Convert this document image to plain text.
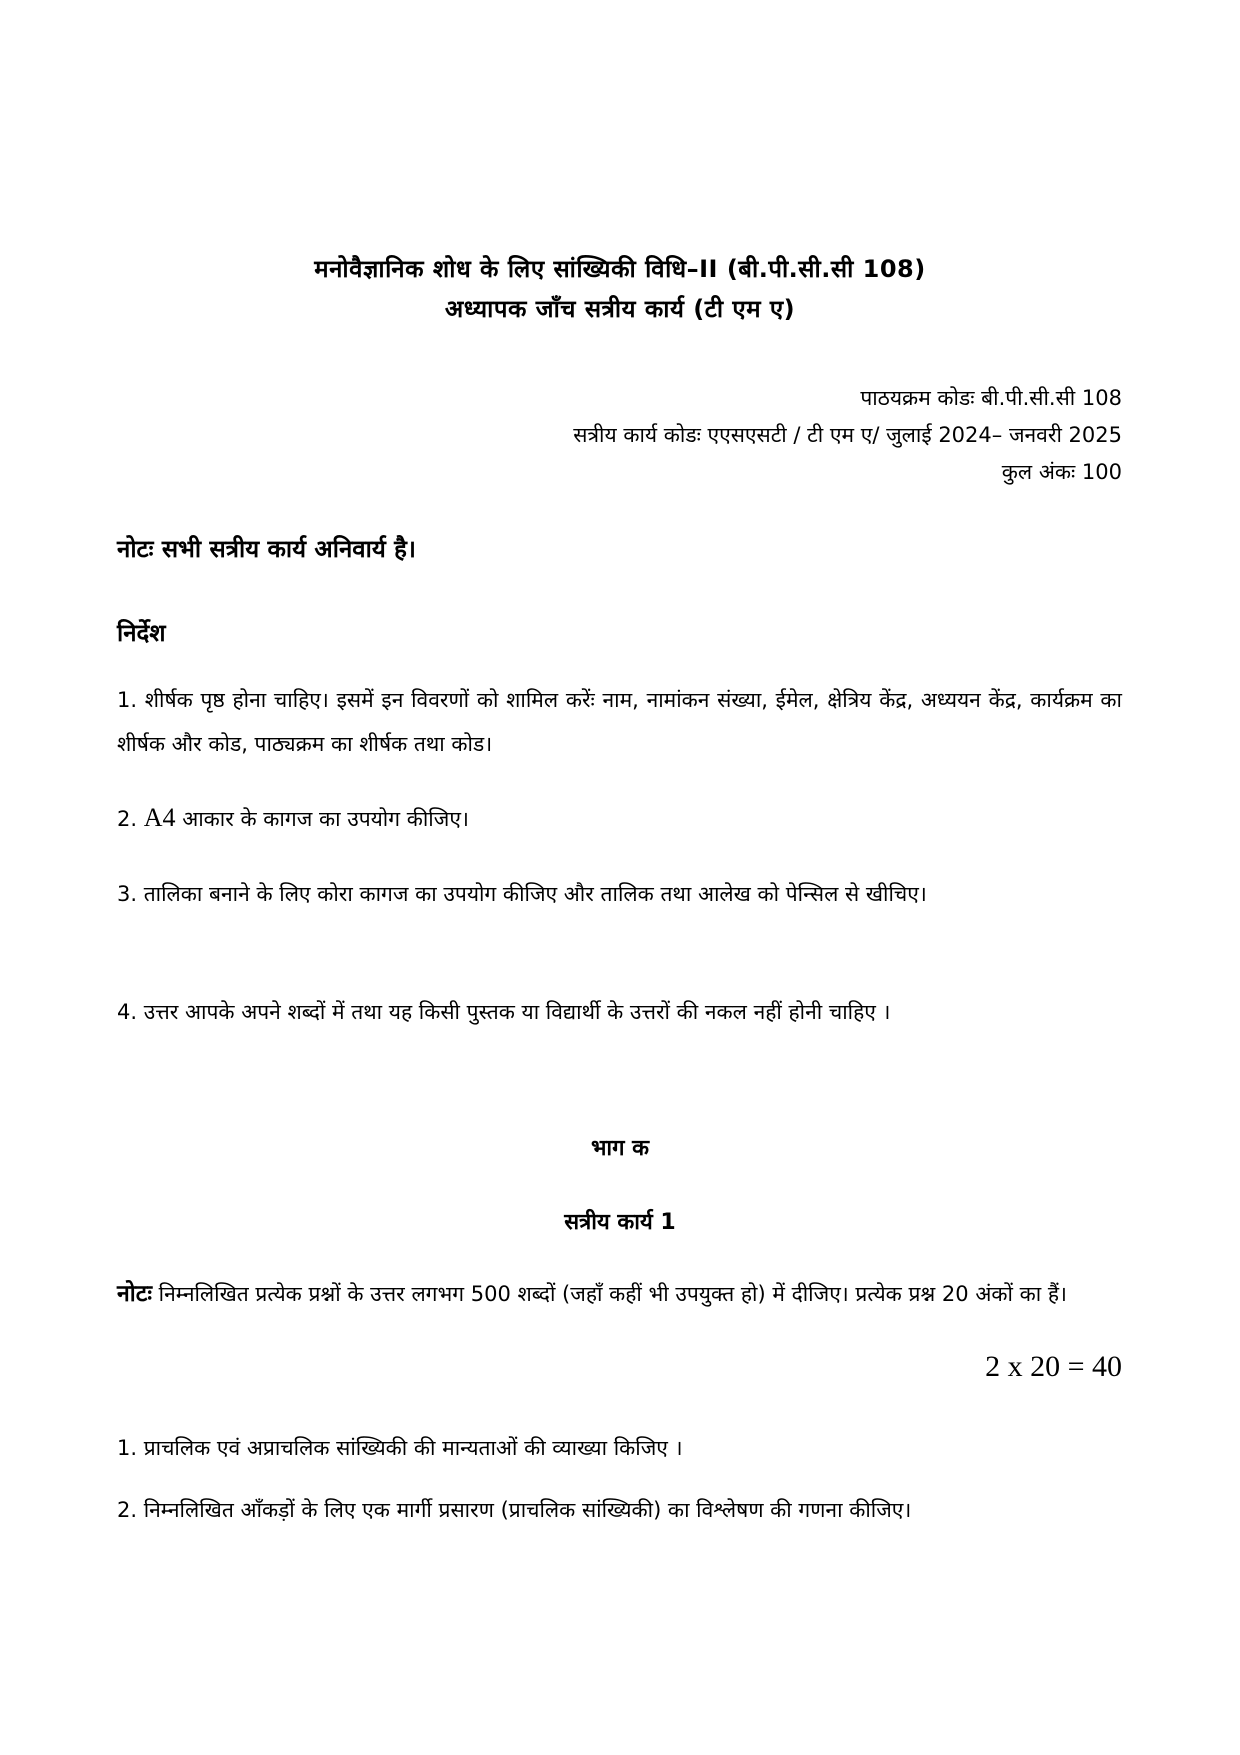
मनोवैज्ञानिक शोध के लिए सांख्यिकी विधि–II (बी.पी.सी.सी 108)
अध्यापक जाँच सत्रीय कार्य (टी एम ए)
पाठयक्रम कोडः बी.पी.सी.सी 108
सत्रीय कार्य कोडः एएसएसटी / टी एम ए/ जुलाई 2024– जनवरी 2025
कुल अंकः 100
नोटः सभी सत्रीय कार्य अनिवार्य है।
निर्देश
1. शीर्षक पृष्ठ होना चाहिए। इसमें इन विवरणों को शामिल करेंः नाम, नामांकन संख्या, ईमेल, क्षेत्रिय केंद्र, अध्ययन केंद्र, कार्यक्रम का शीर्षक और कोड, पाठ्यक्रम का शीर्षक तथा कोड।
2. A4 आकार के कागज का उपयोग कीजिए।
3. तालिका बनाने के लिए कोरा कागज का उपयोग कीजिए और तालिक तथा आलेख को पेन्सिल से खीचिए।
4. उत्तर आपके अपने शब्दों में तथा यह किसी पुस्तक या विद्यार्थी के उत्तरों की नकल नहीं होनी चाहिए ।
भाग क
सत्रीय कार्य 1
नोटः निम्नलिखित प्रत्येक प्रश्नों के उत्तर लगभग 500 शब्दों (जहाँ कहीं भी उपयुक्त हो) में दीजिए। प्रत्येक प्रश्न 20 अंकों का हैं।
2 x 20 = 40
1. प्राचलिक एवं अप्राचलिक सांख्यिकी की मान्यताओं की व्याख्या किजिए ।
2. निम्नलिखित आँकड़ों के लिए एक मार्गी प्रसारण (प्राचलिक सांख्यिकी) का विश्लेषण की गणना कीजिए।
